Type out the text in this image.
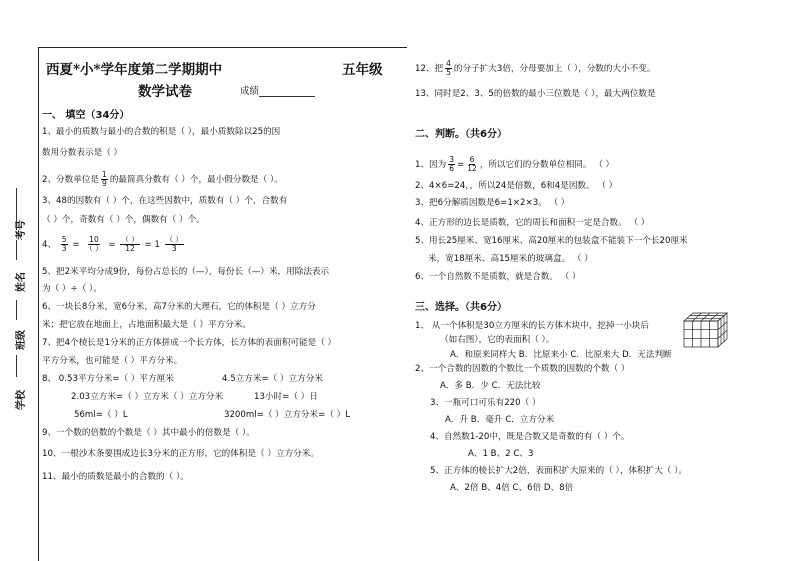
考号
姓名
班级
学校
西夏*小*学年度第二学期期中	五年级
数学试卷	成绩
一、 填空（34分）
1、最小的质数与最小的合数的积是（ ），最小质数除以25的因
数用分数表示是（ ）
2、分数单位是 $\frac{1}{9}$ 的最简真分数有（ ）个，最小假分数是（ ）。
3、48的因数有（ ）个，在这些因数中，质数有（ ）个，合数有
（ ）个，奇数有（ ）个，偶数有（ ）个。
4、 $\frac{5}{3} = \frac{10}{( )} = \frac{( )}{12} = 1 \frac{( )}{3}$
5、把2米平均分成9份，每份占总长的（—），每份长（—）米，用除法表示
为（ ）÷（ ）。
6、一块长8分米，宽6分米，高7分米的大理石，它的体积是（ ）立方分
米；把它放在地面上，占地面积最大是（ ）平方分米。
7、把4个棱长是1分米的正方体拼成一个长方体，长方体的表面积可能是（ ）
平方分米，也可能是（ ）平方分米。
8、 0.53平方分米=（ ）平方厘米	4.5立方米=（ ）立方分米
2.03立方米=（ ）立方米（ ）立方分米	13小时=（ ）日
56ml=（ ）L	3200ml=（ ）立方分米=（ ）L
9、一个数的倍数的个数是（ ）其中最小的倍数是（ ）。
10、一根沙木条要围成边长3分米的正方形，它的体积是（ ）立方分米。
11、最小的质数是最小的合数的（ ）。
12、把 $\frac{4}{5}$ 的分子扩大3倍，分母要加上（ ），分数的大小不变。
13、同时是2、3、5的倍数的最小三位数是（ ），最大两位数是
二、判断。（共6分）
1、因为 $\frac{3}{6} = \frac{6}{12}$ ，所以它们的分数单位相同。 （ ）
2、4×6=24，，所以24是倍数，6和4是因数。 （ ）
3、把6分解质因数是6=1×2×3。 （ ）
4、正方形的边长是质数，它的周长和面积一定是合数。 （ ）
5、用长25厘米、宽16厘米、高20厘米的包装盒不能装下一个长20厘米
米，宽18厘米、高15厘米的玻璃盒。 （ ）
6、一个自然数不是质数，就是合数。 （ ）
三、选择。（共6分）
1、 从一个体积是30立方厘米的长方体木块中，挖掉一小块后
（如右图），它的表面积（ ）。
A．和原来同样大 B．比原来小 C．比原来大 D．无法判断
2、一个合数的因数的个数比一个质数的因数的个数（ ）
A．多 B．少 C．无法比较
3、一瓶可口可乐有220（ ）
A．升 B．毫升 C．立方分米
4、自然数1-20中，既是合数又是奇数的有（ ）个。
A、1 B、2 C、3
5、正方体的棱长扩大2倍，表面积扩大原来的（ ），体积扩大（ ）。
A、2倍 B、4倍 C、6倍 D、8倍
